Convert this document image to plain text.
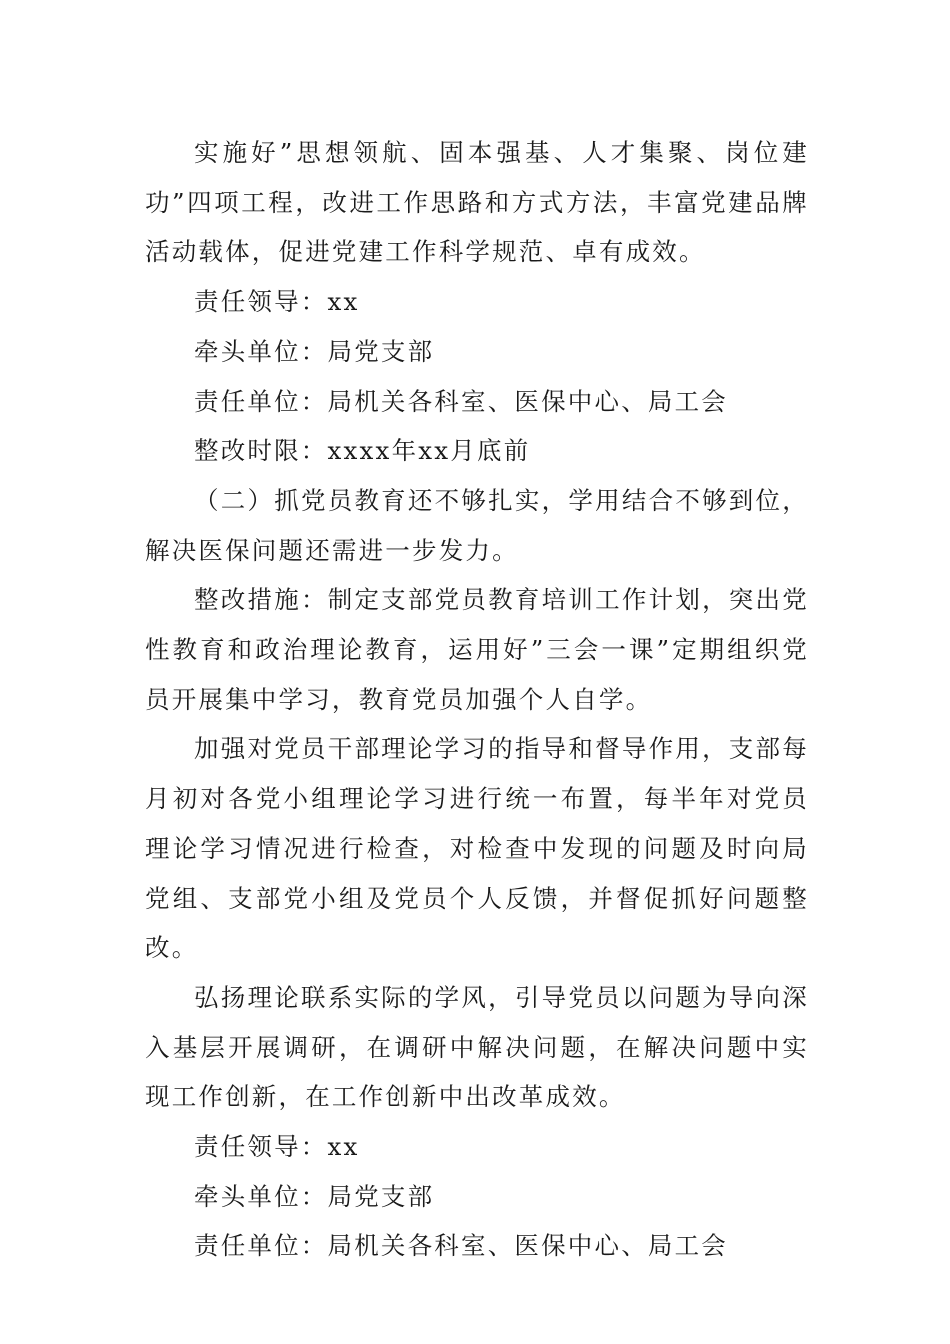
实施好”思想领航、固本强基、人才集聚、岗位建功”四项工程，改进工作思路和方式方法，丰富党建品牌活动载体，促进党建工作科学规范、卓有成效。

责任领导：xx

牵头单位：局党支部

责任单位：局机关各科室、医保中心、局工会

整改时限：xxxx年xx月底前

（二）抓党员教育还不够扎实，学用结合不够到位，解决医保问题还需进一步发力。

整改措施：制定支部党员教育培训工作计划，突出党性教育和政治理论教育，运用好”三会一课”定期组织党员开展集中学习，教育党员加强个人自学。

加强对党员干部理论学习的指导和督导作用，支部每月初对各党小组理论学习进行统一布置，每半年对党员理论学习情况进行检查，对检查中发现的问题及时向局党组、支部党小组及党员个人反馈，并督促抓好问题整改。

弘扬理论联系实际的学风，引导党员以问题为导向深入基层开展调研，在调研中解决问题，在解决问题中实现工作创新，在工作创新中出改革成效。

责任领导：xx

牵头单位：局党支部

责任单位：局机关各科室、医保中心、局工会
